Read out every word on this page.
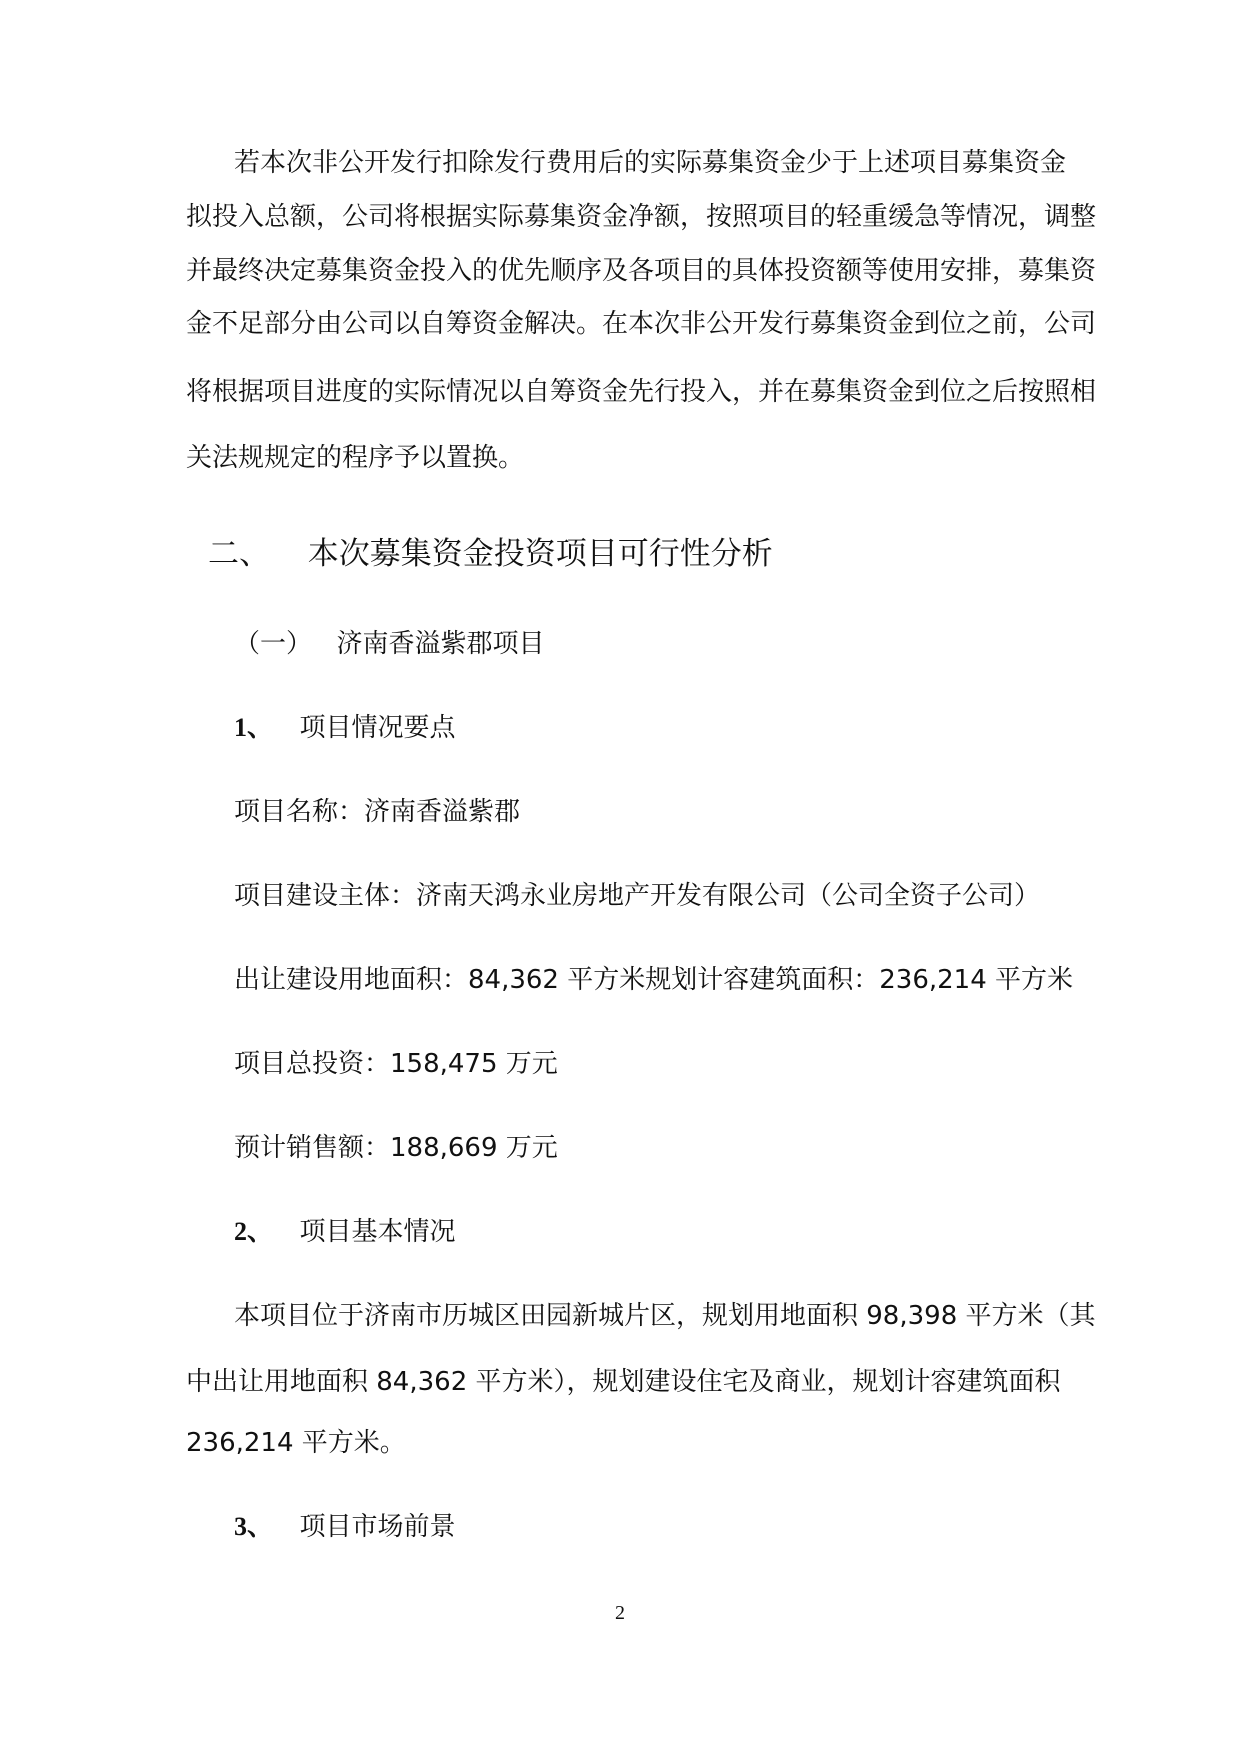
若本次非公开发行扣除发行费用后的实际募集资金少于上述项目募集资金
拟投入总额，公司将根据实际募集资金净额，按照项目的轻重缓急等情况，调整
并最终决定募集资金投入的优先顺序及各项目的具体投资额等使用安排，募集资
金不足部分由公司以自筹资金解决。在本次非公开发行募集资金到位之前，公司
将根据项目进度的实际情况以自筹资金先行投入，并在募集资金到位之后按照相
关法规规定的程序予以置换。
二、 本次募集资金投资项目可行性分析
（一） 济南香溢紫郡项目
1、 项目情况要点
项目名称：济南香溢紫郡
项目建设主体：济南天鸿永业房地产开发有限公司（公司全资子公司）
出让建设用地面积：84,362 平方米规划计容建筑面积：236,214 平方米
项目总投资：158,475 万元
预计销售额：188,669 万元
2、 项目基本情况
本项目位于济南市历城区田园新城片区，规划用地面积 98,398 平方米（其
中出让用地面积 84,362 平方米），规划建设住宅及商业，规划计容建筑面积
236,214 平方米。
3、 项目市场前景
2
